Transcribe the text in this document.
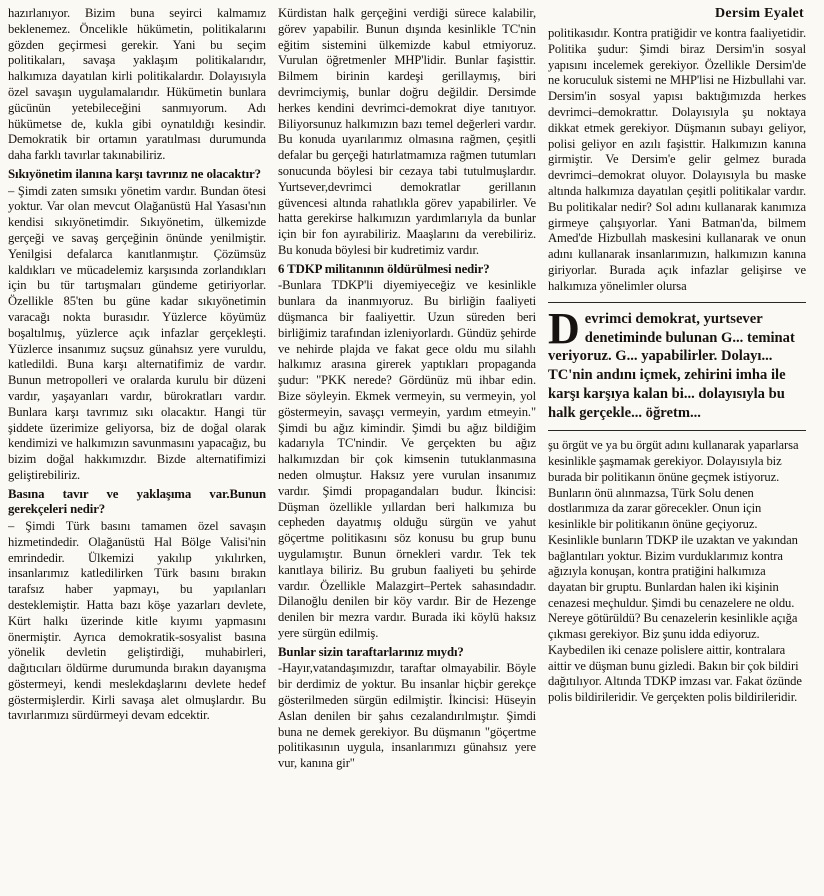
hazırlanıyor. Bizim buna seyirci kalmamız beklenemez. Öncelikle hükümetin, politikalarını gözden geçirmesi gerekir. Yani bu seçim politikaları, savaşa yaklaşım politikalarıdır, halkımıza dayatılan kirli politikalardır. Dolayısıyla özel savaşın uygulamalarıdır. Hükümetin bunlara gücünün yetebileceğini sanmıyorum. Adı hükümetse de, kukla gibi oynatıldığı kesindir. Demokratik bir ortamın yaratılması durumunda daha farklı tavırlar takınabiliriz.

Sıkıyönetim ilanına karşı tavrınız ne olacaktır?

– Şimdi zaten sımsıkı yönetim vardır. Bundan ötesi yoktur. Var olan mevcut Olağanüstü Hal Yasası'nın kendisi sıkıyönetimdir. Sıkıyönetim, ülkemizde gerçeği ve savaş gerçeğinin önünde yenilmiştir. Yenilgisi defalarca kanıtlanmıştır. Çözümsüz kaldıkları ve mücadelemiz karşısında zorlandıkları için bu tür tartışmaları gündeme getiriyorlar. Özellikle 85'ten bu güne kadar sıkıyönetimin varacağı nokta burasıdır. Yüzlerce köyümüz boşaltılmış, yüzlerce açık infazlar gerçekleşti. Yüzlerce insanımız suçsuz günahsız yere vuruldu, katledildi. Buna karşı alternatifimiz de vardır. Bunun metropolleri ve oralarda kurulu bir düzeni vardır, yaşayanları vardır, bürokratları vardır. Bunlara karşı tavrımız sıkı olacaktır. Hangi tür şiddete üzerimize geliyorsa, biz de doğal olarak kendimizi ve halkımızın savunmasını yapacağız, bu bizim doğal hakkımızdır. Bizde alternatifimizi geliştirebiliriz.

Basına tavır ve yaklaşıma var.Bunun gerekçeleri nedir?

– Şimdi Türk basını tamamen özel savaşın hizmetindedir. Olağanüstü Hal Bölge Valisi'nin emrindedir. Ülkemizi yakılıp yıkılırken, insanlarımız katledilirken Türk basını bırakın tarafsız haber yapmayı, bu yapılanları desteklemiştir. Hatta bazı köşe yazarları devlete, Kürt halkı üzerinde kitle kıyımı yapmasını önermiştir. Ayrıca demokratik-sosyalist basına yönelik devletin geliştirdiği, muhabirleri, dağıtıcıları öldürme durumunda bırakın dayanışma göstermeyi, kendi meslekdaşlarını devlete hedef göstermişlerdir. Kirli savaşa alet olmuşlardır. Bu tavırlarımızı sürdürmeyi devam edcektir.

Kürdistan halk gerçeğini verdiği sürece kalabilir, görev yapabilir. Bunun dışında kesinlikle TC'nin eğitim sistemini ülkemizde kabul etmiyoruz. Vurulan öğretmenler MHP'lidir. Bunlar faşisttir. Bilmem birinin kardeşi gerillaymış, biri devrimciymiş, bunlar doğru değildir. Dersimde herkes kendini devrimci-demokrat diye tanıtıyor. Biliyorsunuz halkımızın bazı temel değerleri vardır. Bu konuda uyarılarımız olmasına rağmen, çeşitli defalar bu gerçeği hatırlatmamıza rağmen tutumları sonucunda böylesi bir cezaya tabi tutulmuşlardır. Yurtsever,devrimci demokratlar gerillanın güvencesi altında rahatlıkla görev yapabilirler. Ve hatta gerekirse halkımızın yardımlarıyla da bunlar için bir fon ayırabiliriz. Maaşlarını da verebiliriz. Bu konuda böylesi bir kudretimiz vardır.

6 TDKP militanının öldürülmesi nedir?

-Bunlara TDKP'li diyemiyeceğiz ve kesinlikle bunlara da inanmıyoruz. Bu birliğin faaliyeti düşmanca bir faaliyettir. Uzun süreden beri birliğimiz tarafından izleniyorlardı. Gündüz şehirde ve nehirde plajda ve fakat gece oldu mu silahlı halkımız arasına girerek yaptıkları propaganda şudur: "PKK nerede? Gördünüz mü ihbar edin. Bize söyleyin. Ekmek vermeyin, su vermeyin, yol göstermeyin, savaşçı vermeyin, yardım etmeyin." Şimdi bu ağız kimindir. Şimdi bu ağız bildiğim kadarıyla TC'nindir. Ve gerçekten bu ağız halkımızdan bir çok kimsenin tutuklanmasına neden olmuştur. Haksız yere vurulan insanımız vardır. Şimdi propagandaları budur. İkincisi: Düşman özellikle yıllardan beri halkımıza bu cepheden dayatmış olduğu sürgün ve yahut göçertme politikasını söz konusu bu grup bunu uygulamıştır. Bunun örnekleri vardır. Tek tek kanıtlaya biliriz. Bu grubun faaliyeti bu şehirde vardır. Özellikle Malazgirt–Pertek sahasındadır. Dilanoğlu denilen bir köy vardır. Bir de Hezenge denilen bir mezra vardır. Burada iki köylü haksız yere sürgün edilmiş.

Bunlar sizin taraftarlarınız mıydı?

-Hayır,vatandaşımızdır, taraftar olmayabilir. Böyle bir derdimiz de yoktur. Bu insanlar hiçbir gerekçe gösterilmeden sürgün edilmiştir. İkincisi: Hüseyin Aslan denilen bir şahıs cezalandırılmıştır. Şimdi buna ne demek gerekiyor. Bu düşmanın "göçertme politikasının uygula, insanlarımızı günahsız yere vur, kanına gir"

Dersim Eyalet

politikasıdır. Kontra pratiğidir ve kontra faaliyetidir. Politika şudur: Şimdi biraz Dersim'in sosyal yapısını incelemek gerekiyor. Özellikle Dersim'de ne koruculuk sistemi ne MHP'lisi ne Hizbullahi var. Dersim'in sosyal yapısı baktığımızda herkes devrimci–demokrattır. Dolayısıyla şu noktaya dikkat etmek gerekiyor. Düşmanın subayı geliyor, polisi geliyor en azılı faşisttir. Halkımızın kanına girmiştir. Ve Dersim'e gelir gelmez burada devrimci–demokrat oluyor. Dolayısıyla bu maske altında halkımıza dayatılan çeşitli politikalar vardır. Bu politikalar nedir? Sol adını kullanarak kanımıza girmeye çalışıyorlar. Yani Batman'da, bilmem Amed'de Hizbullah maskesini kullanarak ve onun adını kullanarak insanlarımızın, halkımızın kanına giriyorlar. Burada açık infazlar gelişirse ve halkımıza yönelimler olursa

D evrimci demokrat, yurtsever denetiminde bulunan G... teminat veriyoruz. G... yapabilirler. Dolayı... TC'nin andını içmek, zehirini imha ile karşı karşıya kalan bi... dolayısıyla bu halk gerçekle... öğretm...

şu örgüt ve ya bu örgüt adını kullanarak yaparlarsa kesinlikle şaşmamak gerekiyor. Dolayısıyla biz burada bir politikanın önüne geçmek istiyoruz. Bunların önü alınmazsa, Türk Solu denen dostlarımıza da zarar görecekler. Onun için kesinlikle bir politikanın önüne geçiyoruz. Kesinlikle bunların TDKP ile uzaktan ve yakından bağlantıları yoktur. Bizim vurduklarımız kontra ağızıyla konuşan, kontra pratiğini halkımıza dayatan bir gruptu. Bunlardan halen iki kişinin cenazesi meçhuldur. Şimdi bu cenazelere ne oldu. Nereye götürüldü? Bu cenazelerin kesinlikle açığa çıkması gerekiyor. Biz şunu idda ediyoruz. Kaybedilen iki cenaze polislere aittir, kontralara aittir ve düşman bunu gizledi. Bakın bir çok bildiri dağıtılıyor. Altında TDKP imzası var. Fakat özünde polis bildirileridir. Ve gerçekten polis bildirileridir.
